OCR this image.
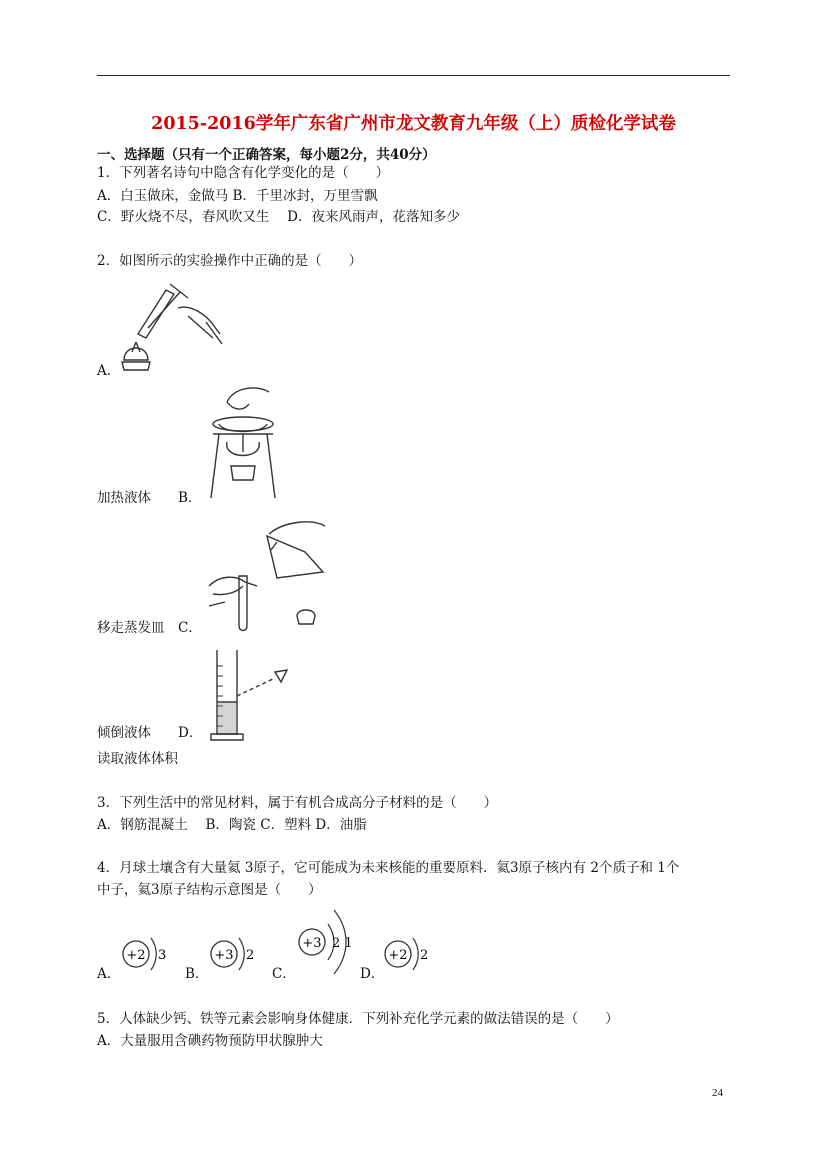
2015-2016学年广东省广州市龙文教育九年级（上）质检化学试卷
一、选择题（只有一个正确答案，每小题2分，共40分）
1．下列著名诗句中隐含有化学变化的是（　　）
A．白玉做床，金做马 B．千里冰封，万里雪飘
C．野火烧不尽，春风吹又生　 D．夜来风雨声，花落知多少
2．如图所示的实验操作中正确的是（　　）
A．
加热液体　　B．
移走蒸发皿　C．
倾倒液体　　D．
读取液体体积
3．下列生活中的常见材料，属于有机合成高分子材料的是（　　）
A．钢筋混凝土　 B．陶瓷 C．塑料 D．油脂
4．月球土壤含有大量氦 3原子，它可能成为未来核能的重要原料．氦3原子核内有 2个质子和 1个
中子，氦3原子结构示意图是（　　）
A．
+2 3
B．
+3 2
C．
+3 2 1
D．
+2 2
5．人体缺少钙、铁等元素会影响身体健康．下列补充化学元素的做法错误的是（　　）
A．大量服用含碘药物预防甲状腺肿大
24
